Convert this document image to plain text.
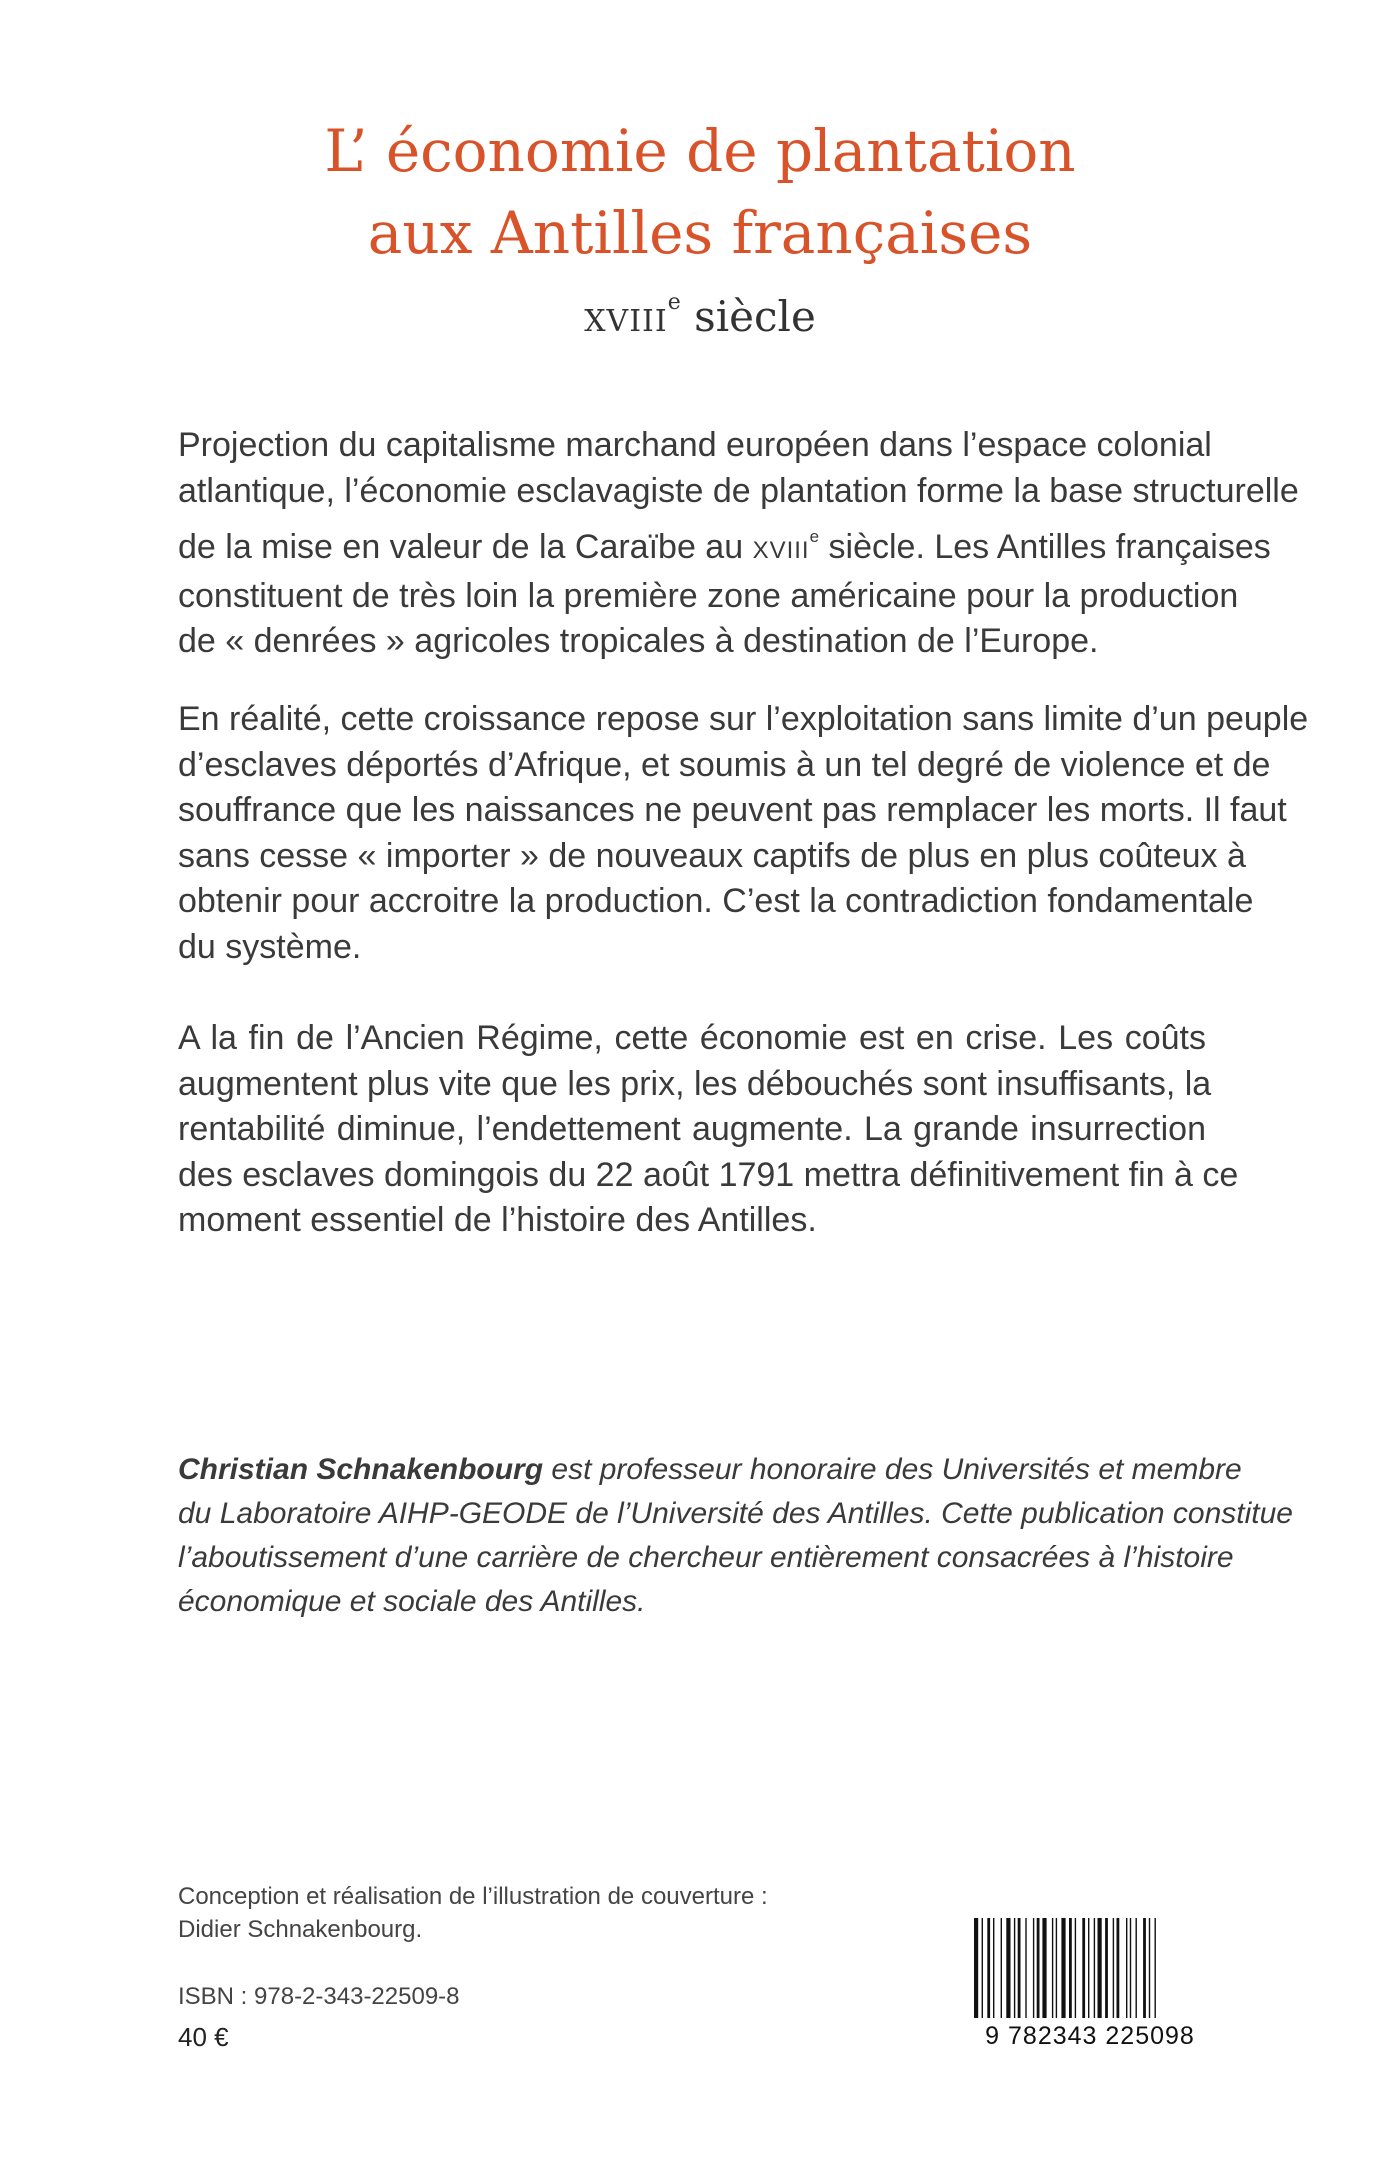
L’ économie de plantation
aux Antilles françaises
XVIIIe siècle
Projection du capitalisme marchand européen dans l’espace colonial
atlantique, l’économie esclavagiste de plantation forme la base structurelle
de la mise en valeur de la Caraïbe au XVIIIe siècle. Les Antilles françaises
constituent de très loin la première zone américaine pour la production
de « denrées » agricoles tropicales à destination de l’Europe.
En réalité, cette croissance repose sur l’exploitation sans limite d’un peuple
d’esclaves déportés d’Afrique, et soumis à un tel degré de violence et de
souffrance que les naissances ne peuvent pas remplacer les morts. Il faut
sans cesse « importer » de nouveaux captifs de plus en plus coûteux à
obtenir pour accroitre la production. C’est la contradiction fondamentale
du système.
A la fin de l’Ancien Régime, cette économie est en crise. Les coûts
augmentent plus vite que les prix, les débouchés sont insuffisants, la
rentabilité diminue, l’endettement augmente. La grande insurrection
des esclaves domingois du 22 août 1791 mettra définitivement fin à ce
moment essentiel de l’histoire des Antilles.
Christian Schnakenbourg est professeur honoraire des Universités et membre
du Laboratoire AIHP-GEODE de l’Université des Antilles. Cette publication constitue
l’aboutissement d’une carrière de chercheur entièrement consacrées à l’histoire
économique et sociale des Antilles.
Conception et réalisation de l’illustration de couverture :
Didier Schnakenbourg.
ISBN : 978-2-343-22509-8
40 €	9 782343 225098
